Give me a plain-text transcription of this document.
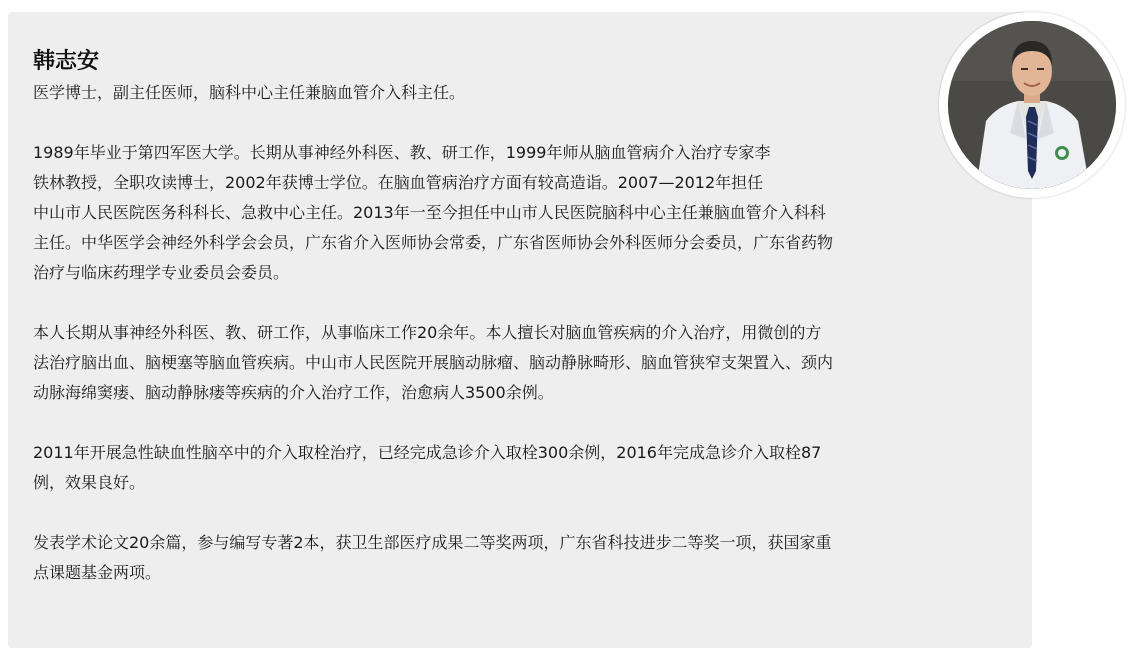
韩志安

医学博士，副主任医师，脑科中心主任兼脑血管介入科主任。

1989年毕业于第四军医大学。长期从事神经外科医、教、研工作，1999年师从脑血管病介入治疗专家李
铁林教授，全职攻读博士，2002年获博士学位。在脑血管病治疗方面有较高造诣。2007—2012年担任
中山市人民医院医务科科长、急救中心主任。2013年一至今担任中山市人民医院脑科中心主任兼脑血管介入科科
主任。中华医学会神经外科学会会员，广东省介入医师协会常委，广东省医师协会外科医师分会委员，广东省药物
治疗与临床药理学专业委员会委员。

本人长期从事神经外科医、教、研工作，从事临床工作20余年。本人擅长对脑血管疾病的介入治疗，用微创的方
法治疗脑出血、脑梗塞等脑血管疾病。中山市人民医院开展脑动脉瘤、脑动静脉畸形、脑血管狭窄支架置入、颈内
动脉海绵窦瘘、脑动静脉瘘等疾病的介入治疗工作，治愈病人3500余例。

2011年开展急性缺血性脑卒中的介入取栓治疗，已经完成急诊介入取栓300余例，2016年完成急诊介入取栓87
例，效果良好。

发表学术论文20余篇，参与编写专著2本，获卫生部医疗成果二等奖两项，广东省科技进步二等奖一项，获国家重
点课题基金两项。
